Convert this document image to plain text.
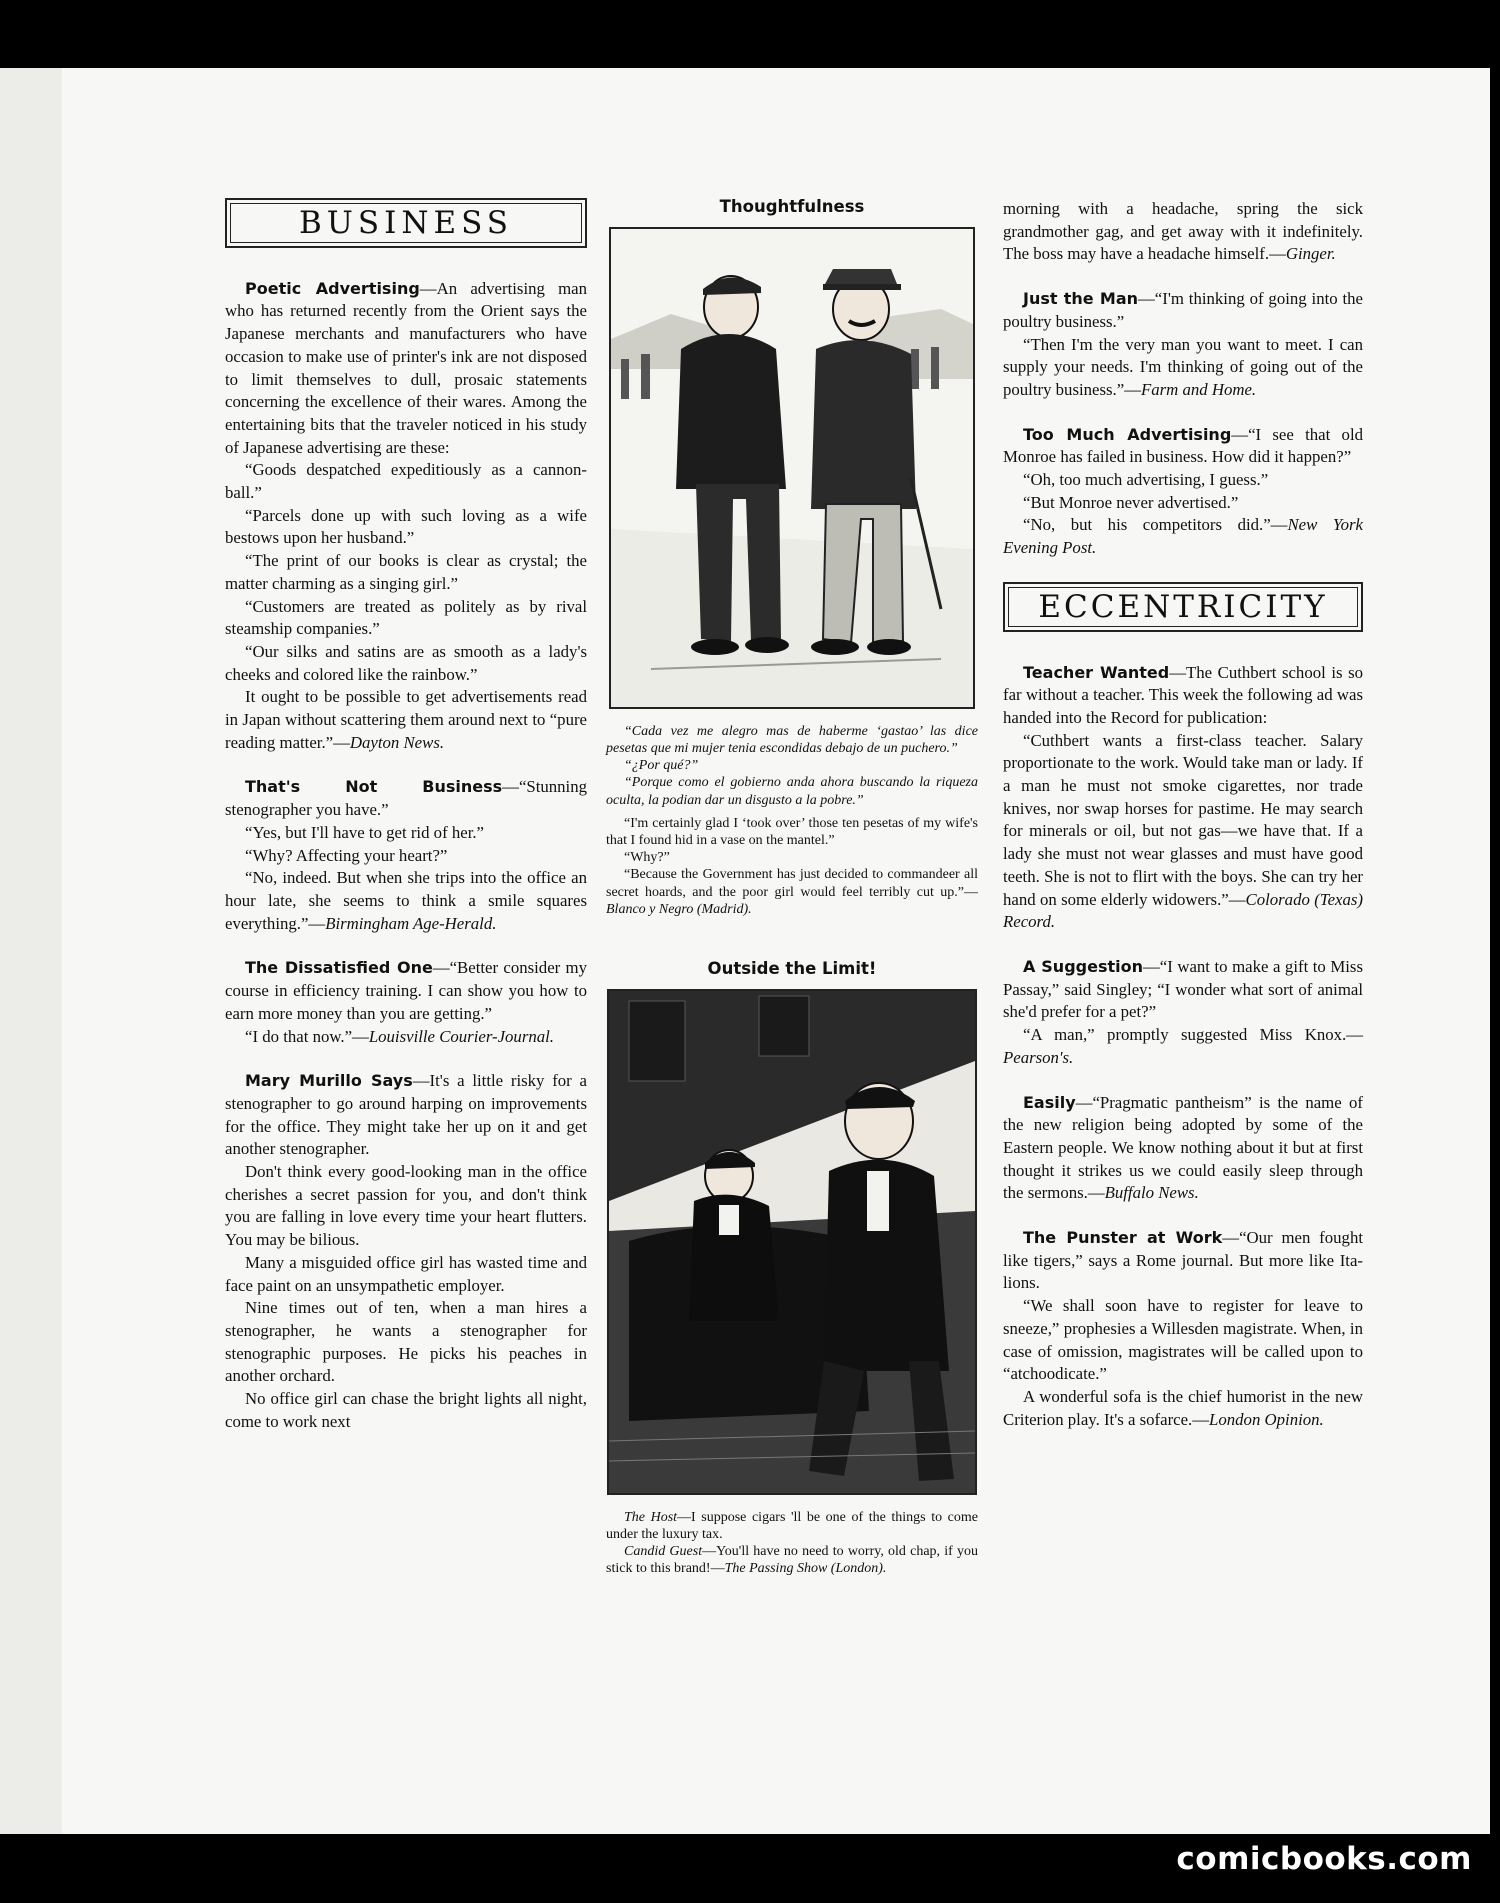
BUSINESS

Poetic Advertising—An advertising man who has returned recently from the Orient says the Japanese merchants and manufacturers who have occasion to make use of printer's ink are not disposed to limit themselves to dull, prosaic statements concerning the excellence of their wares. Among the entertaining bits that the traveler noticed in his study of Japanese advertising are these:

“Goods despatched expeditiously as a cannon-ball.”

“Parcels done up with such loving as a wife bestows upon her husband.”

“The print of our books is clear as crystal; the matter charming as a singing girl.”

“Customers are treated as politely as by rival steamship companies.”

“Our silks and satins are as smooth as a lady's cheeks and colored like the rainbow.”

It ought to be possible to get advertisements read in Japan without scattering them around next to “pure reading matter.”—Dayton News.

That's Not Business—“Stunning stenographer you have.”

“Yes, but I'll have to get rid of her.”

“Why? Affecting your heart?”

“No, indeed. But when she trips into the office an hour late, she seems to think a smile squares everything.”—Birmingham Age-Herald.

The Dissatisfied One—“Better consider my course in efficiency training. I can show you how to earn more money than you are getting.”

“I do that now.”—Louisville Courier-Journal.

Mary Murillo Says—It's a little risky for a stenographer to go around harping on improvements for the office. They might take her up on it and get another stenographer.

Don't think every good-looking man in the office cherishes a secret passion for you, and don't think you are falling in love every time your heart flutters. You may be bilious.

Many a misguided office girl has wasted time and face paint on an unsympathetic employer.

Nine times out of ten, when a man hires a stenographer, he wants a stenographer for stenographic purposes. He picks his peaches in another orchard.

No office girl can chase the bright lights all night, come to work next

Thoughtfulness

“Cada vez me alegro mas de haberme ‘gastao’ las dice pesetas que mi mujer tenia escondidas debajo de un puchero.”

“¿Por qué?”

“Porque como el gobierno anda ahora buscando la riqueza oculta, la podian dar un disgusto a la pobre.”

“I'm certainly glad I ‘took over’ those ten pesetas of my wife's that I found hid in a vase on the mantel.”

“Why?”

“Because the Government has just decided to commandeer all secret hoards, and the poor girl would feel terribly cut up.”—Blanco y Negro (Madrid).

Outside the Limit!

The Host—I suppose cigars 'll be one of the things to come under the luxury tax.

Candid Guest—You'll have no need to worry, old chap, if you stick to this brand!—The Passing Show (London).

morning with a headache, spring the sick grandmother gag, and get away with it indefinitely. The boss may have a headache himself.—Ginger.

Just the Man—“I'm thinking of going into the poultry business.”

“Then I'm the very man you want to meet. I can supply your needs. I'm thinking of going out of the poultry business.”—Farm and Home.

Too Much Advertising—“I see that old Monroe has failed in business. How did it happen?”

“Oh, too much advertising, I guess.”

“But Monroe never advertised.”

“No, but his competitors did.”—New York Evening Post.

ECCENTRICITY

Teacher Wanted—The Cuthbert school is so far without a teacher. This week the following ad was handed into the Record for publication:

“Cuthbert wants a first-class teacher. Salary proportionate to the work. Would take man or lady. If a man he must not smoke cigarettes, nor trade knives, nor swap horses for pastime. He may search for minerals or oil, but not gas—we have that. If a lady she must not wear glasses and must have good teeth. She is not to flirt with the boys. She can try her hand on some elderly widowers.”—Colorado (Texas) Record.

A Suggestion—“I want to make a gift to Miss Passay,” said Singley; “I wonder what sort of animal she'd prefer for a pet?”

“A man,” promptly suggested Miss Knox.—Pearson's.

Easily—“Pragmatic pantheism” is the name of the new religion being adopted by some of the Eastern people. We know nothing about it but at first thought it strikes us we could easily sleep through the sermons.—Buffalo News.

The Punster at Work—“Our men fought like tigers,” says a Rome journal. But more like Ita-lions.

“We shall soon have to register for leave to sneeze,” prophesies a Willesden magistrate. When, in case of omission, magistrates will be called upon to “atchoodicate.”

A wonderful sofa is the chief humorist in the new Criterion play. It's a sofarce.—London Opinion.

comicbooks.com
